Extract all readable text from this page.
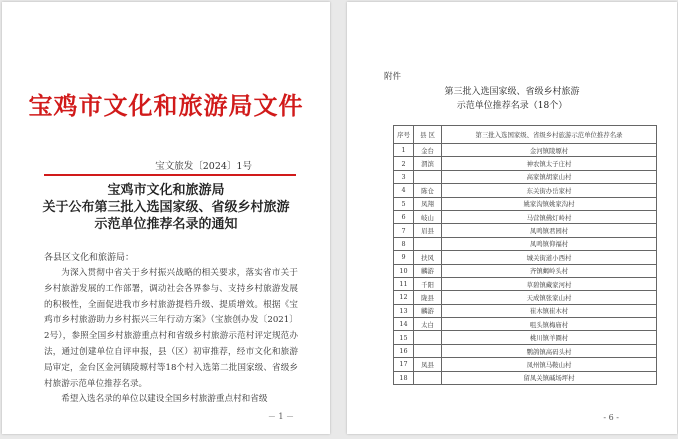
宝鸡市文化和旅游局文件
宝文旅发〔2024〕1号
宝鸡市文化和旅游局
关于公布第三批入选国家级、省级乡村旅游
示范单位推荐名录的通知
各县区文化和旅游局：

为深入贯彻中省关于乡村振兴战略的相关要求，落实省市关于乡村旅游发展的工作部署，调动社会各界参与、支持乡村旅游发展的积极性，全面促进我市乡村旅游提档升级、提质增效。根据《宝鸡市乡村旅游助力乡村振兴三年行动方案》（宝旅创办发〔2021〕2号），参照全国乡村旅游重点村和省级乡村旅游示范村评定规范办法，通过创建单位自评申报，县（区）初审推荐，经市文化和旅游局审定，金台区金河镇陵塬村等18个村入选第二批国家级、省级乡村旅游示范单位推荐名录。

希望入选名录的单位以建设全国乡村旅游重点村和省级

－ 1 －
附件
第三批入选国家级、省级乡村旅游
示范单位推荐名录（18个）
序号	县 区	第三批入选国家级、省级乡村旅游示范单位推荐名录
1	金台	金河镇陵塬村
2	渭滨	神农镇太子庄村
3		高家镇胡家山村
4	陈仓	东关街办岳家村
5	凤翔	姚家沟镇姚家沟村
6	岐山	马营镇佛灯岭村
7	眉县	凤鸣镇君园村
8		凤鸣镇仰福村
9	扶风	城关街道小西村
10	麟游	齐镇蝎岭头村
11	千阳	草碧镇藏家河村
12	陇县	天成镇张家山村
13	麟游	崔木镇崔木村
14	太白	咀头镇梅庙村
15		桃川镇羊圈村
16		鹦鸽镇高码头村
17	凤县	凤州镇马鞍山村
18		留凤关镇碱场坪村
- 6 -
